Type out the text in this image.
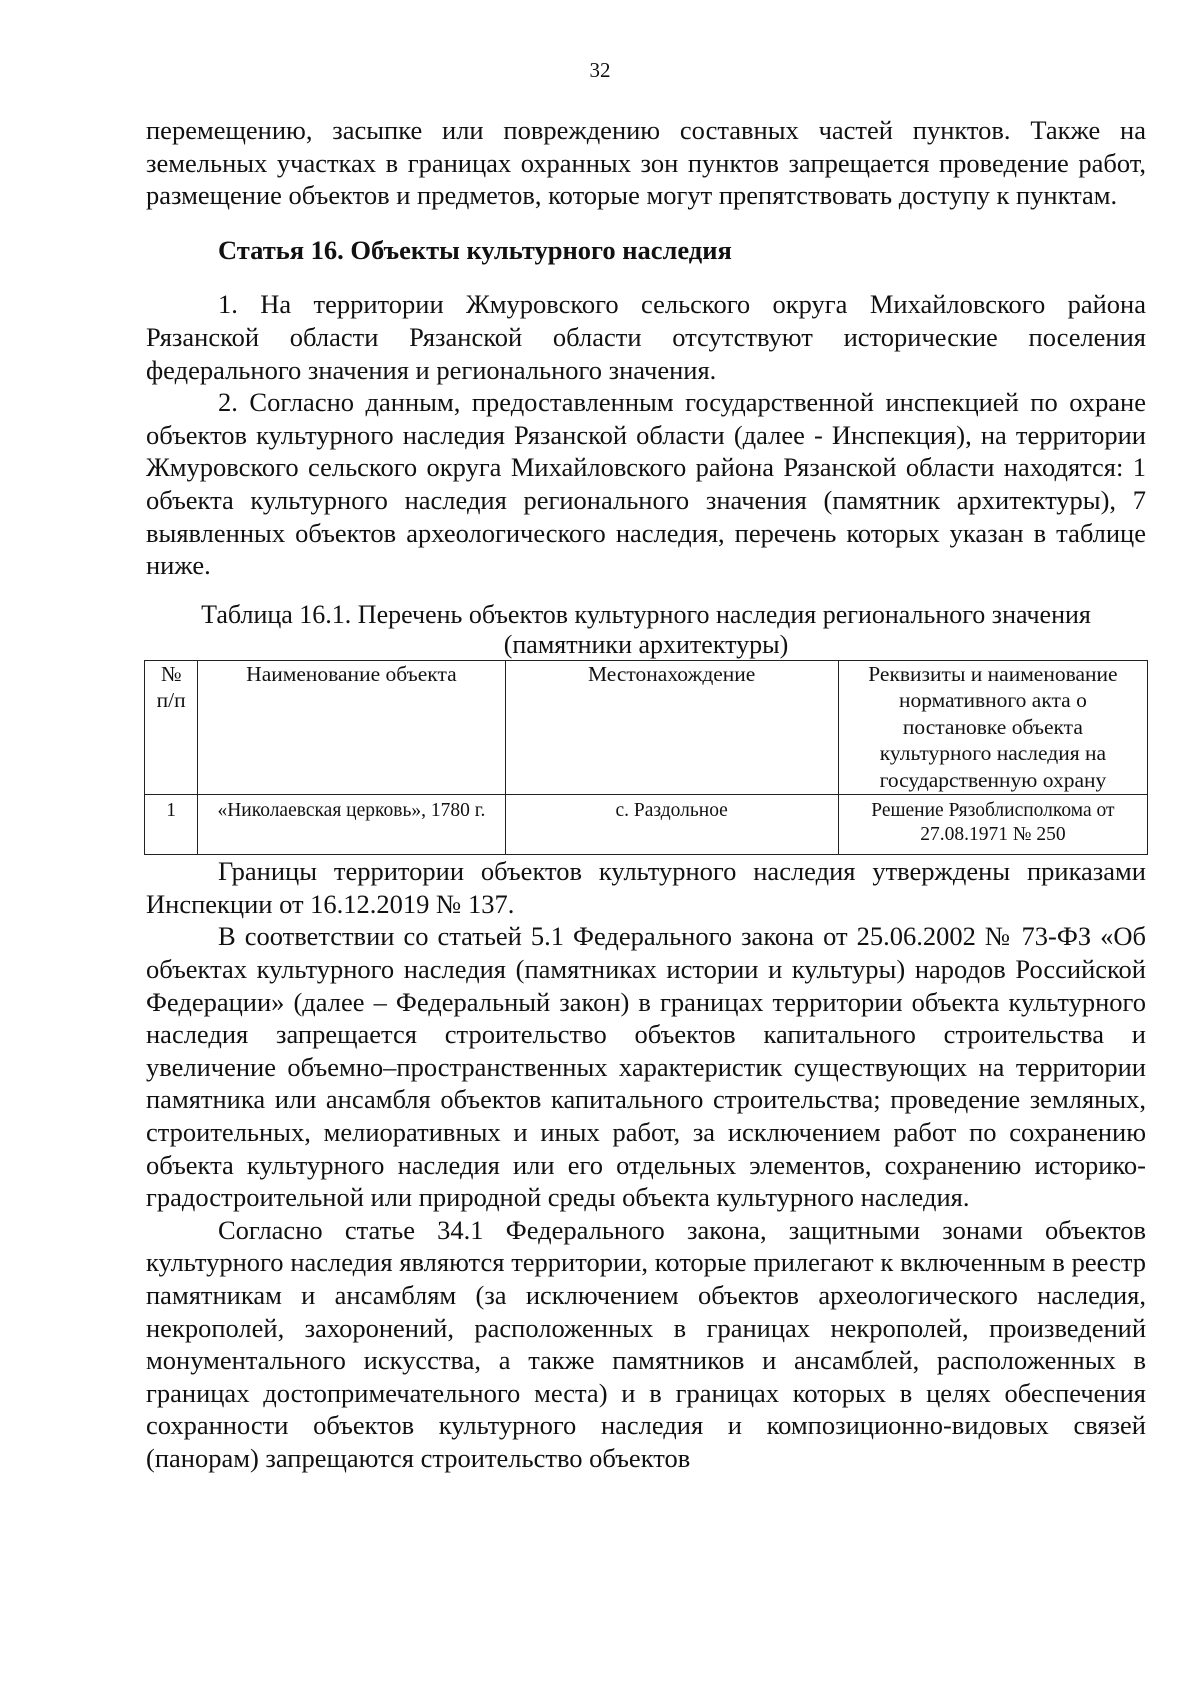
32

перемещению, засыпке или повреждению составных частей пунктов. Также на земельных участках в границах охранных зон пунктов запрещается проведение работ, размещение объектов и предметов, которые могут препятствовать доступу к пунктам.

Статья 16. Объекты культурного наследия

1. На территории Жмуровского сельского округа Михайловского района Рязанской области Рязанской области отсутствуют исторические поселения федерального значения и регионального значения.

2. Согласно данным, предоставленным государственной инспекцией по охране объектов культурного наследия Рязанской области (далее - Инспекция), на территории Жмуровского сельского округа Михайловского района Рязанской области находятся: 1 объекта культурного наследия регионального значения (памятник архитектуры), 7 выявленных объектов археологического наследия, перечень которых указан в таблице ниже.

Таблица 16.1. Перечень объектов культурного наследия регионального значения (памятники архитектуры)

№ п/п	Наименование объекта	Местонахождение	Реквизиты и наименование нормативного акта о постановке объекта культурного наследия на государственную охрану
1	«Николаевская церковь», 1780 г.	с. Раздольное	Решение Рязоблисполкома от 27.08.1971 № 250

Границы территории объектов культурного наследия утверждены приказами Инспекции от 16.12.2019 № 137.

В соответствии со статьей 5.1 Федерального закона от 25.06.2002 № 73-ФЗ «Об объектах культурного наследия (памятниках истории и культуры) народов Российской Федерации» (далее – Федеральный закон) в границах территории объекта культурного наследия запрещается строительство объектов капитального строительства и увеличение объемно–пространственных характеристик существующих на территории памятника или ансамбля объектов капитального строительства; проведение земляных, строительных, мелиоративных и иных работ, за исключением работ по сохранению объекта культурного наследия или его отдельных элементов, сохранению историко-градостроительной или природной среды объекта культурного наследия.

Согласно статье 34.1 Федерального закона, защитными зонами объектов культурного наследия являются территории, которые прилегают к включенным в реестр памятникам и ансамблям (за исключением объектов археологического наследия, некрополей, захоронений, расположенных в границах некрополей, произведений монументального искусства, а также памятников и ансамблей, расположенных в границах достопримечательного места) и в границах которых в целях обеспечения сохранности объектов культурного наследия и композиционно-видовых связей (панорам) запрещаются строительство объектов
